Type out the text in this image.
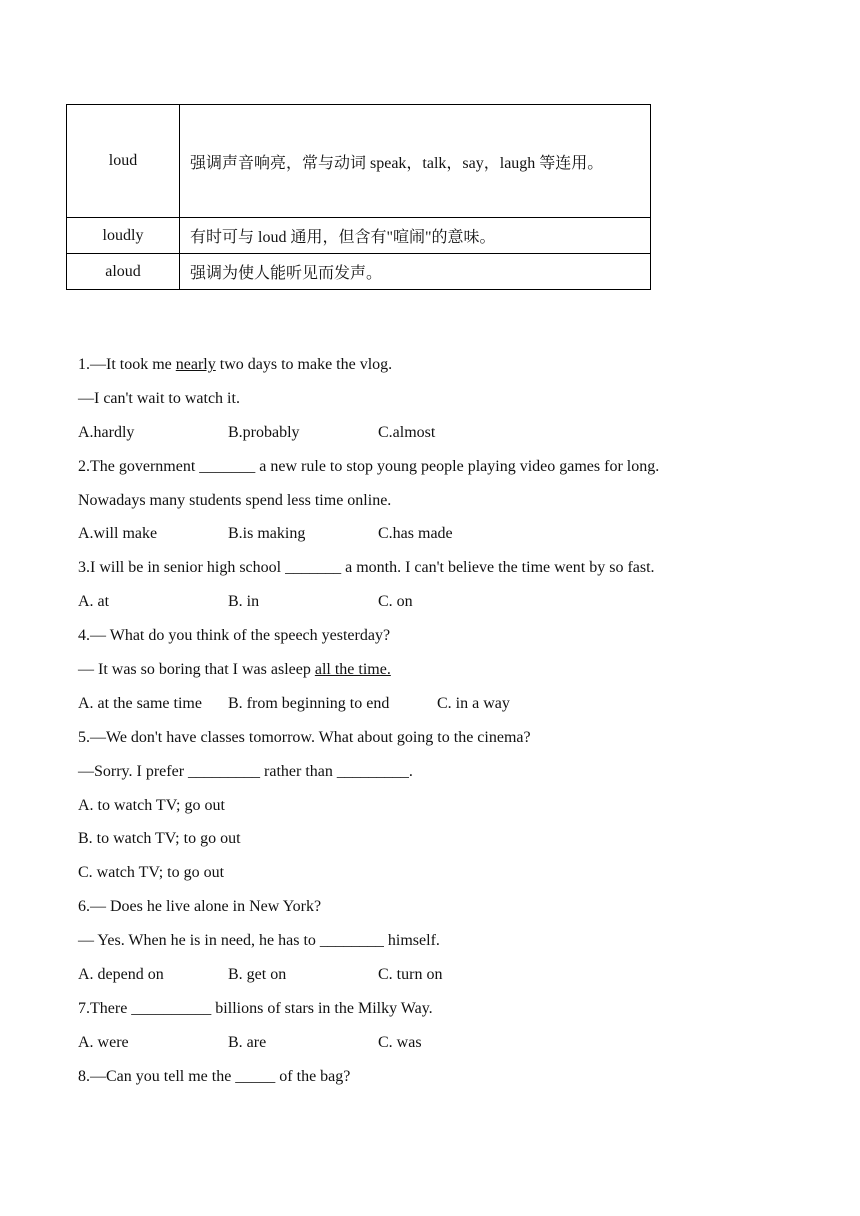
loud	强调声音响亮，常与动词 speak，talk，say，laugh 等连用。
loudly	有时可与 loud 通用，但含有"喧闹"的意味。
aloud	强调为使人能听见而发声。
1.—It took me nearly two days to make the vlog.
—I can't wait to watch it.
A.hardly	B.probably	C.almost
2.The government _______ a new rule to stop young people playing video games for long.
Nowadays many students spend less time online.
A.will make	B.is making	C.has made
3.I will be in senior high school _______ a month. I can't believe the time went by so fast.
A. at	B. in	C. on
4.— What do you think of the speech yesterday?
— It was so boring that I was asleep all the time.
A. at the same time B. from beginning to end	C. in a way
5.—We don't have classes tomorrow. What about going to the cinema?
—Sorry. I prefer _________ rather than _________.
A. to watch TV; go out
B. to watch TV; to go out
C. watch TV; to go out
6.— Does he live alone in New York?
— Yes. When he is in need, he has to ________ himself.
A. depend on	B. get on	C. turn on
7.There __________ billions of stars in the Milky Way.
A. were	B. are	C. was
8.—Can you tell me the _____ of the bag?
